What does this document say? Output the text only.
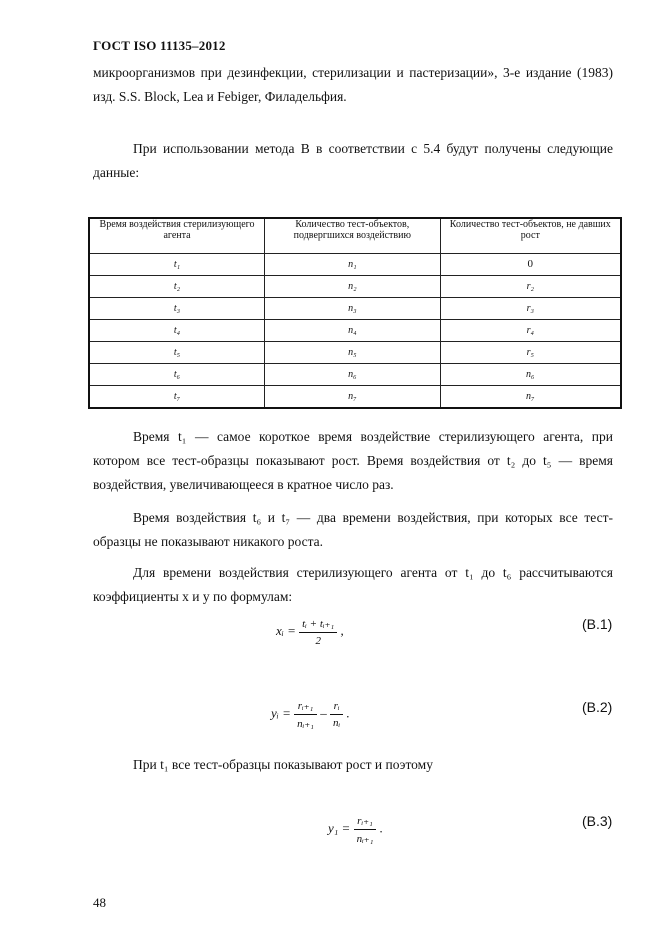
ГОСТ ISO 11135–2012
микроорганизмов при дезинфекции, стерилизации и пастеризации», 3-е издание (1983) изд. S.S. Block, Lea и Febiger, Филадельфия.
При использовании метода В в соответствии с 5.4 будут получены следующие данные:
Время воздействия стерилизующего агента	Количество тест-объектов, подвергшихся воздействию	Количество тест-объектов, не давших рост
t₁	n₁	0
t₂	n₂	r₂
t₃	n₃	r₃
t₄	n₄	r₄
t₅	n₅	r₅
t₆	n₆	n₆
t₇	n₇	n₇
Время t₁ — самое короткое время воздействие стерилизующего агента, при котором все тест-образцы показывают рост. Время воздействия от t₂ до t₅ — время воздействия, увеличивающееся в кратное число раз.
Время воздействия t₆ и t₇ — два времени воздействия, при которых все тест-образцы не показывают никакого роста.
Для времени воздействия стерилизующего агента от t₁ до t₆ рассчитываются коэффициенты x и y по формулам:
xᵢ = $\frac{\text{tᵢ + tᵢ₊₁}}{2}$ ,	(B.1)
yᵢ = $\frac{\text{rᵢ₊₁}}{\text{nᵢ₊₁}} - \frac{\text{rᵢ}}{\text{nᵢ}}$ .	(B.2)
При t₁ все тест-образцы показывают рост и поэтому
$y_1 = \frac{\text{rᵢ₊₁}}{\text{nᵢ₊₁}}$ .	(B.3)
48
